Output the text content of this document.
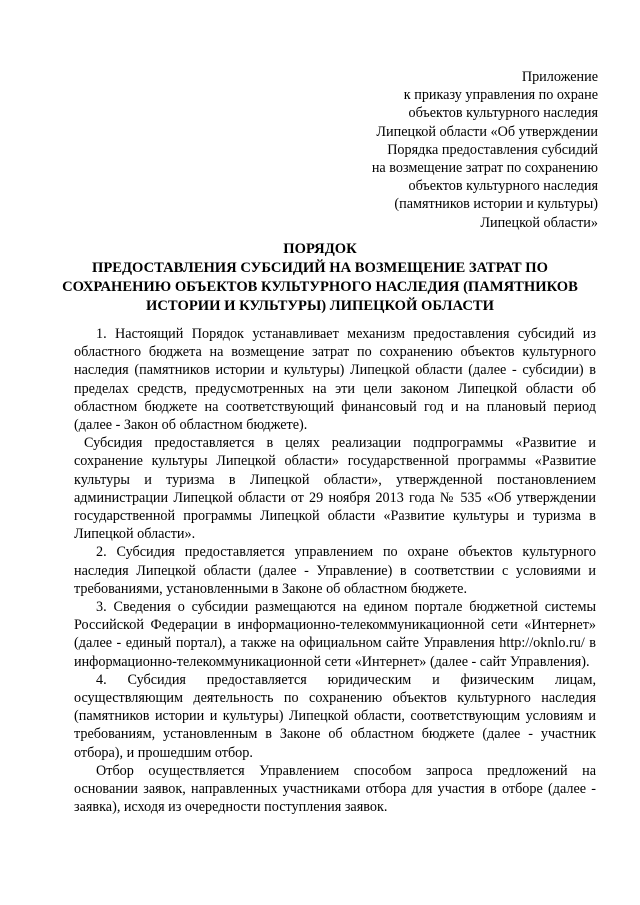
Приложение
к приказу управления по охране
объектов культурного наследия
Липецкой области «Об утверждении
Порядка предоставления субсидий
на возмещение затрат по сохранению
объектов культурного наследия
(памятников истории и культуры)
Липецкой области»
ПОРЯДОК
ПРЕДОСТАВЛЕНИЯ СУБСИДИЙ НА ВОЗМЕЩЕНИЕ ЗАТРАТ ПО
СОХРАНЕНИЮ ОБЪЕКТОВ КУЛЬТУРНОГО НАСЛЕДИЯ (ПАМЯТНИКОВ
ИСТОРИИ И КУЛЬТУРЫ) ЛИПЕЦКОЙ ОБЛАСТИ

1. Настоящий Порядок устанавливает механизм предоставления субсидий из областного бюджета на возмещение затрат по сохранению объектов культурного наследия (памятников истории и культуры) Липецкой области (далее - субсидии) в пределах средств, предусмотренных на эти цели законом Липецкой области об областном бюджете на соответствующий финансовый год и на плановый период (далее - Закон об областном бюджете).

Субсидия предоставляется в целях реализации подпрограммы «Развитие и сохранение культуры Липецкой области» государственной программы «Развитие культуры и туризма в Липецкой области», утвержденной постановлением администрации Липецкой области от 29 ноября 2013 года № 535 «Об утверждении государственной программы Липецкой области «Развитие культуры и туризма в Липецкой области».

2. Субсидия предоставляется управлением по охране объектов культурного наследия Липецкой области (далее - Управление) в соответствии с условиями и требованиями, установленными в Законе об областном бюджете.

3. Сведения о субсидии размещаются на едином портале бюджетной системы Российской Федерации в информационно-телекоммуникационной сети «Интернет» (далее - единый портал), а также на официальном сайте Управления http://oknlo.ru/ в информационно-телекоммуникационной сети «Интернет» (далее - сайт Управления).

4. Субсидия предоставляется юридическим и физическим лицам, осуществляющим деятельность по сохранению объектов культурного наследия (памятников истории и культуры) Липецкой области, соответствующим условиям и требованиям, установленным в Законе об областном бюджете (далее - участник отбора), и прошедшим отбор.

Отбор осуществляется Управлением способом запроса предложений на основании заявок, направленных участниками отбора для участия в отборе (далее - заявка), исходя из очередности поступления заявок.
